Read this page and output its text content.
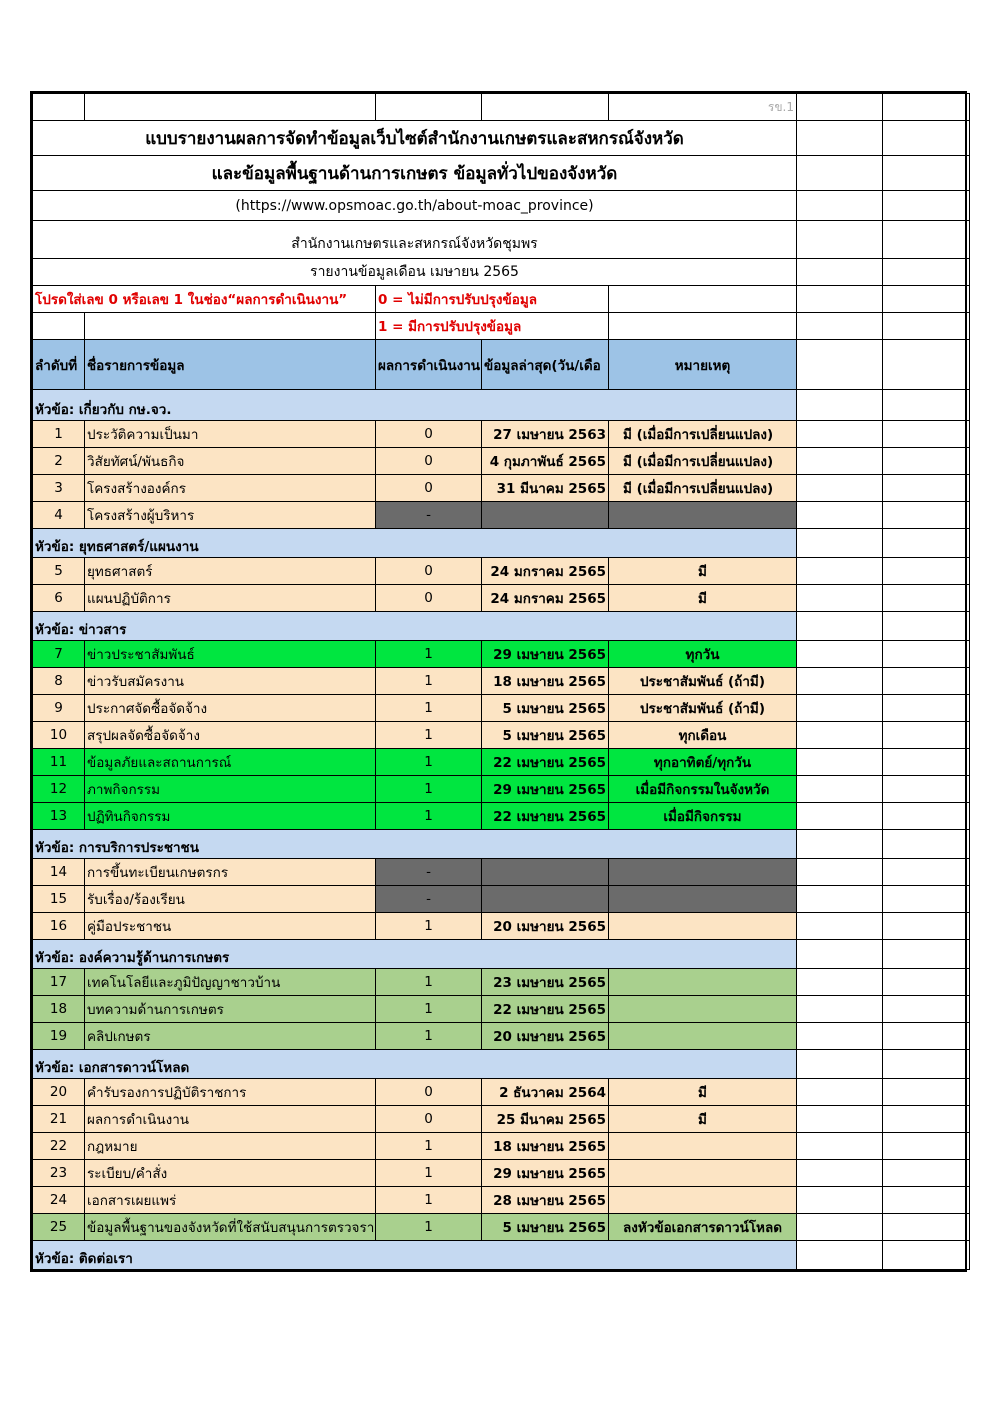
				รข.1		
แบบรายงานผลการจัดทำข้อมูลเว็บไซต์สำนักงานเกษตรและสหกรณ์จังหวัด						
และข้อมูลพื้นฐานด้านการเกษตร ข้อมูลทั่วไปของจังหวัด						
(https://www.opsmoac.go.th/about-moac_province)						
สำนักงานเกษตรและสหกรณ์จังหวัดชุมพร						
รายงานข้อมูลเดือน เมษายน 2565						
โปรดใส่เลข 0 หรือเลข 1 ในช่อง“ผลการดำเนินงาน”		0 = ไม่มีการปรับปรุงข้อมูล				
		1 = มีการปรับปรุงข้อมูล				
ลำดับที่	ชื่อรายการข้อมูล	ผลการดำเนินงาน	ข้อมูลล่าสุด(วัน/เดือ	หมายเหตุ		
หัวข้อ: เกี่ยวกับ กษ.จว.						
1	ประวัติความเป็นมา	0	27 เมษายน 2563	มี (เมื่อมีการเปลี่ยนแปลง)		
2	วิสัยทัศน์/พันธกิจ	0	4 กุมภาพันธ์ 2565	มี (เมื่อมีการเปลี่ยนแปลง)		
3	โครงสร้างองค์กร	0	31 มีนาคม 2565	มี (เมื่อมีการเปลี่ยนแปลง)		
4	โครงสร้างผู้บริหาร	-				
หัวข้อ: ยุทธศาสตร์/แผนงาน						
5	ยุทธศาสตร์	0	24 มกราคม 2565	มี		
6	แผนปฏิบัติการ	0	24 มกราคม 2565	มี		
หัวข้อ: ข่าวสาร						
7	ข่าวประชาสัมพันธ์	1	29 เมษายน 2565	ทุกวัน		
8	ข่าวรับสมัครงาน	1	18 เมษายน 2565	ประชาสัมพันธ์ (ถ้ามี)		
9	ประกาศจัดซื้อจัดจ้าง	1	5 เมษายน 2565	ประชาสัมพันธ์ (ถ้ามี)		
10	สรุปผลจัดซื้อจัดจ้าง	1	5 เมษายน 2565	ทุกเดือน		
11	ข้อมูลภัยและสถานการณ์	1	22 เมษายน 2565	ทุกอาทิตย์/ทุกวัน		
12	ภาพกิจกรรม	1	29 เมษายน 2565	เมื่อมีกิจกรรมในจังหวัด		
13	ปฏิทินกิจกรรม	1	22 เมษายน 2565	เมื่อมีกิจกรรม		
หัวข้อ: การบริการประชาชน						
14	การขึ้นทะเบียนเกษตรกร	-				
15	รับเรื่อง/ร้องเรียน	-				
16	คู่มือประชาชน	1	20 เมษายน 2565			
หัวข้อ: องค์ความรู้ด้านการเกษตร						
17	เทคโนโลยีและภูมิปัญญาชาวบ้าน	1	23 เมษายน 2565			
18	บทความด้านการเกษตร	1	22 เมษายน 2565			
19	คลิปเกษตร	1	20 เมษายน 2565			
หัวข้อ: เอกสารดาวน์โหลด						
20	คำรับรองการปฏิบัติราชการ	0	2 ธันวาคม 2564	มี		
21	ผลการดำเนินงาน	0	25 มีนาคม 2565	มี		
22	กฎหมาย	1	18 เมษายน 2565			
23	ระเบียบ/คำสั่ง	1	29 เมษายน 2565			
24	เอกสารเผยแพร่	1	28 เมษายน 2565			
25	ข้อมูลพื้นฐานของจังหวัดที่ใช้สนับสนุนการตรวจรา	1	5 เมษายน 2565	ลงหัวข้อเอกสารดาวน์โหลด		
หัวข้อ: ติดต่อเรา						
